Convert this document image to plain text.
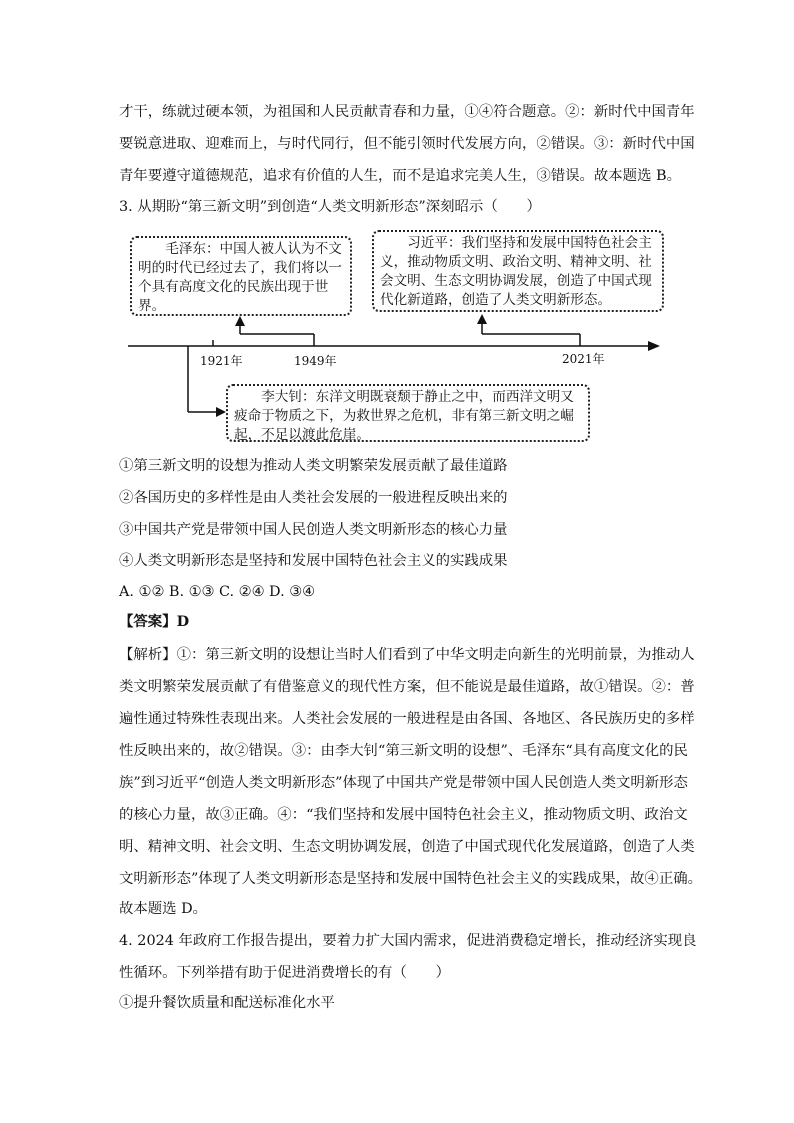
才干，练就过硬本领，为祖国和人民贡献青春和力量，①④符合题意。②：新时代中国青年
要锐意进取、迎难而上，与时代同行，但不能引领时代发展方向，②错误。③：新时代中国
青年要遵守道德规范，追求有价值的人生，而不是追求完美人生，③错误。故本题选 B。
3. 从期盼“第三新文明”到创造“人类文明新形态”深刻昭示（　　）
毛泽东：中国人被人认为不文明的时代已经过去了，我们将以一个具有高度文化的民族出现于世界。
习近平：我们坚持和发展中国特色社会主义，推动物质文明、政治文明、精神文明、社会文明、生态文明协调发展，创造了中国式现代化新道路，创造了人类文明新形态。
李大钊：东洋文明既衰颓于静止之中，而西洋文明又疲命于物质之下，为救世界之危机，非有第三新文明之崛起，不足以渡此危崖。
1921年	1949年	2021年
①第三新文明的设想为推动人类文明繁荣发展贡献了最佳道路
②各国历史的多样性是由人类社会发展的一般进程反映出来的
③中国共产党是带领中国人民创造人类文明新形态的核心力量
④人类文明新形态是坚持和发展中国特色社会主义的实践成果
A. ①② B. ①③ C. ②④ D. ③④
【答案】D
【解析】①：第三新文明的设想让当时人们看到了中华文明走向新生的光明前景，为推动人
类文明繁荣发展贡献了有借鉴意义的现代性方案，但不能说是最佳道路，故①错误。②：普
遍性通过特殊性表现出来。人类社会发展的一般进程是由各国、各地区、各民族历史的多样
性反映出来的，故②错误。③：由李大钊“第三新文明的设想”、毛泽东“具有高度文化的民
族”到习近平“创造人类文明新形态”体现了中国共产党是带领中国人民创造人类文明新形态
的核心力量，故③正确。④：“我们坚持和发展中国特色社会主义，推动物质文明、政治文
明、精神文明、社会文明、生态文明协调发展，创造了中国式现代化发展道路，创造了人类
文明新形态”体现了人类文明新形态是坚持和发展中国特色社会主义的实践成果，故④正确。
故本题选 D。
4. 2024 年政府工作报告提出，要着力扩大国内需求，促进消费稳定增长，推动经济实现良
性循环。下列举措有助于促进消费增长的有（　　）
①提升餐饮质量和配送标准化水平
